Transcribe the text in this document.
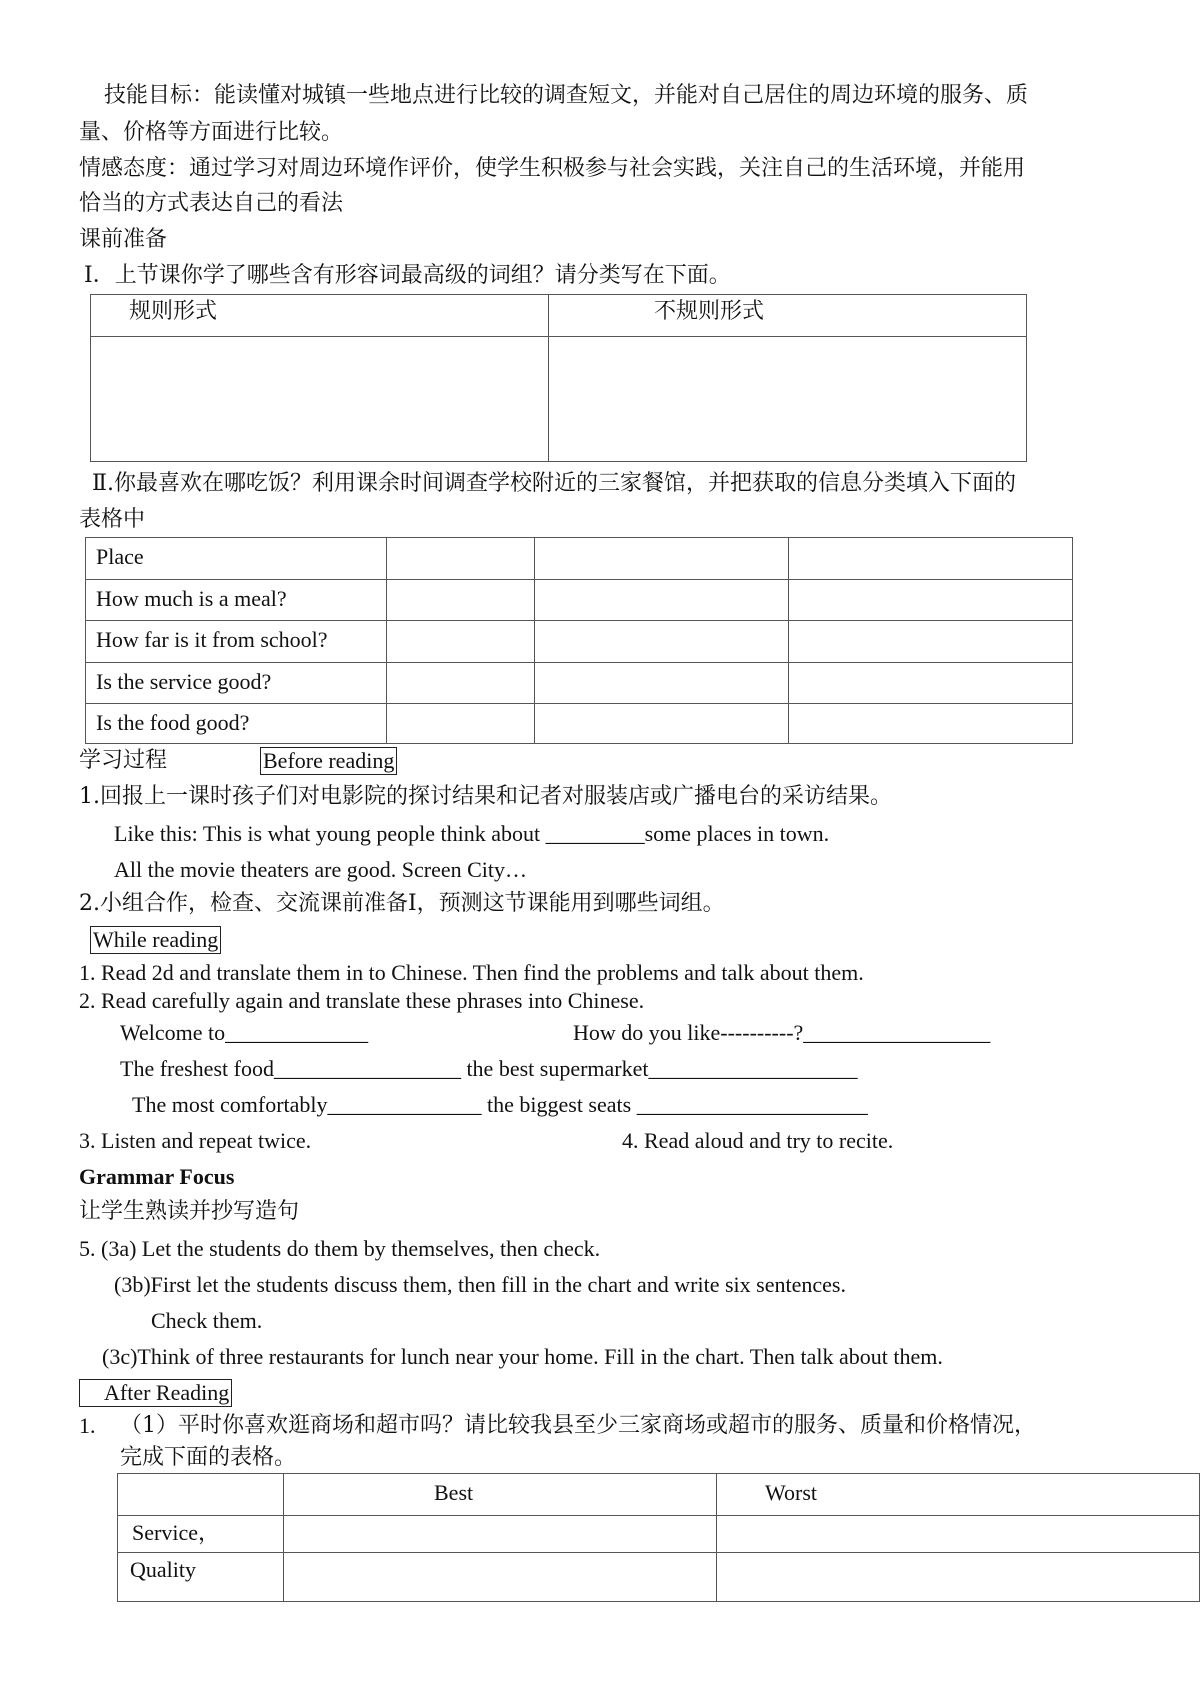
技能目标：能读懂对城镇一些地点进行比较的调查短文，并能对自己居住的周边环境的服务、质
量、价格等方面进行比较。
情感态度：通过学习对周边环境作评价，使学生积极参与社会实践，关注自己的生活环境，并能用
恰当的方式表达自己的看法
课前准备
Ⅰ．上节课你学了哪些含有形容词最高级的词组？请分类写在下面。
规则形式	不规则形式

Ⅱ.你最喜欢在哪吃饭？利用课余时间调查学校附近的三家餐馆，并把获取的信息分类填入下面的
表格中
Place			

How much is a meal?			

How far is it from school?			

Is the service good?			

Is the food good?			

学习过程	Before reading
1.回报上一课时孩子们对电影院的探讨结果和记者对服装店或广播电台的采访结果。
Like this: This is what young people think about _________some places in town.
All the movie theaters are good. Screen City…
2.小组合作，检查、交流课前准备Ⅰ，预测这节课能用到哪些词组。
While reading
1. Read 2d and translate them in to Chinese. Then find the problems and talk about them.
2. Read carefully again and translate these phrases into Chinese.
Welcome to_____________	How do you like----------?_________________
The freshest food_________________ the best supermarket___________________
The most comfortably______________ the biggest seats _____________________
3. Listen and repeat twice.	4. Read aloud and try to recite.
Grammar Focus
让学生熟读并抄写造句
5. (3a) Let the students do them by themselves, then check.
(3b)First let the students discuss them, then fill in the chart and write six sentences.
Check them.
(3c)Think of three restaurants for lunch near your home. Fill in the chart. Then talk about them.
After Reading
1. （1）平时你喜欢逛商场和超市吗？请比较我县至少三家商场或超市的服务、质量和价格情况，
完成下面的表格。

	Best	Worst

Service，		

Quality		
